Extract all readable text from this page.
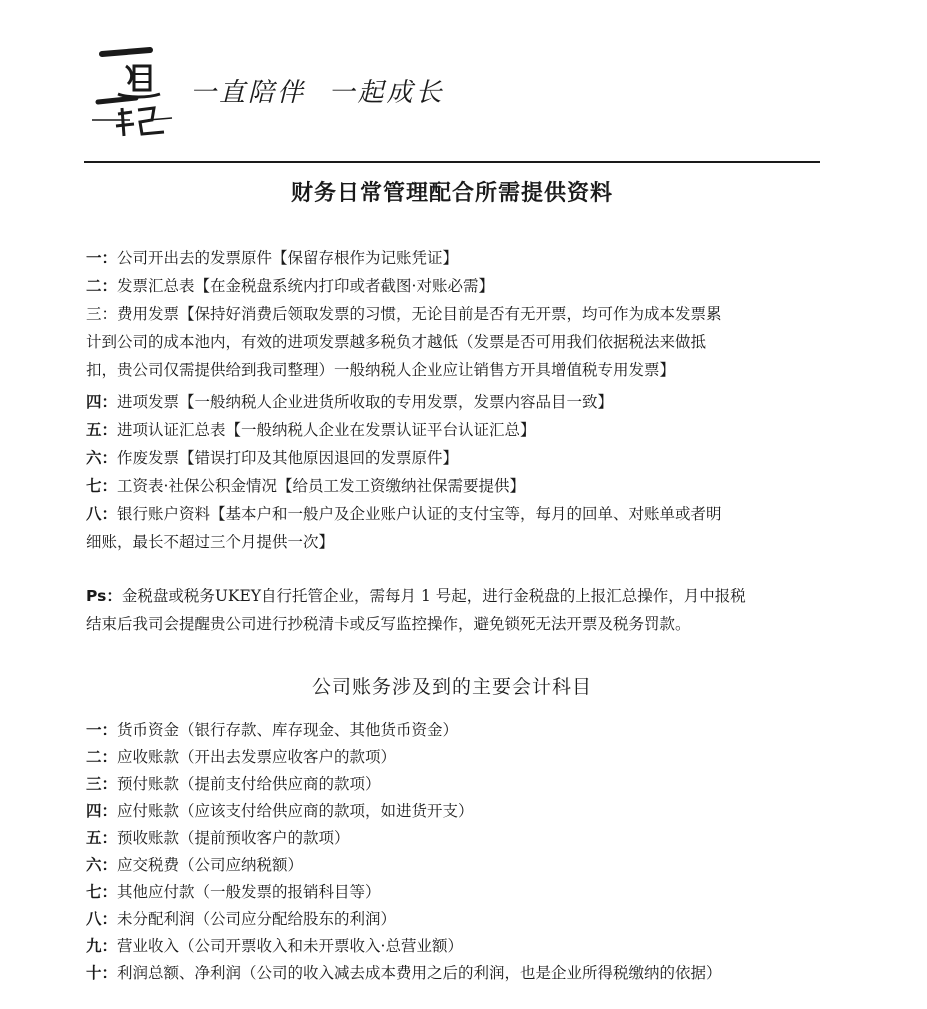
一直陪伴  一起成长
财务日常管理配合所需提供资料
一：公司开出去的发票原件【保留存根作为记账凭证】
二：发票汇总表【在金税盘系统内打印或者截图·对账必需】
三：费用发票【保持好消费后领取发票的习惯，无论目前是否有无开票，均可作为成本发票累
计到公司的成本池内，有效的进项发票越多税负才越低（发票是否可用我们依据税法来做抵
扣，贵公司仅需提供给到我司整理）一般纳税人企业应让销售方开具增值税专用发票】
四：进项发票【一般纳税人企业进货所收取的专用发票，发票内容品目一致】
五：进项认证汇总表【一般纳税人企业在发票认证平台认证汇总】
六：作废发票【错误打印及其他原因退回的发票原件】
七：工资表·社保公积金情况【给员工发工资缴纳社保需要提供】
八：银行账户资料【基本户和一般户及企业账户认证的支付宝等，每月的回单、对账单或者明
细账，最长不超过三个月提供一次】
Ps：金税盘或税务UKEY自行托管企业，需每月 1 号起，进行金税盘的上报汇总操作，月中报税
结束后我司会提醒贵公司进行抄税清卡或反写监控操作，避免锁死无法开票及税务罚款。
公司账务涉及到的主要会计科目
一：货币资金（银行存款、库存现金、其他货币资金）
二：应收账款（开出去发票应收客户的款项）
三：预付账款（提前支付给供应商的款项）
四：应付账款（应该支付给供应商的款项，如进货开支）
五：预收账款（提前预收客户的款项）
六：应交税费（公司应纳税额）
七：其他应付款（一般发票的报销科目等）
八：未分配利润（公司应分配给股东的利润）
九：营业收入（公司开票收入和未开票收入·总营业额）
十：利润总额、净利润（公司的收入减去成本费用之后的利润，也是企业所得税缴纳的依据）
